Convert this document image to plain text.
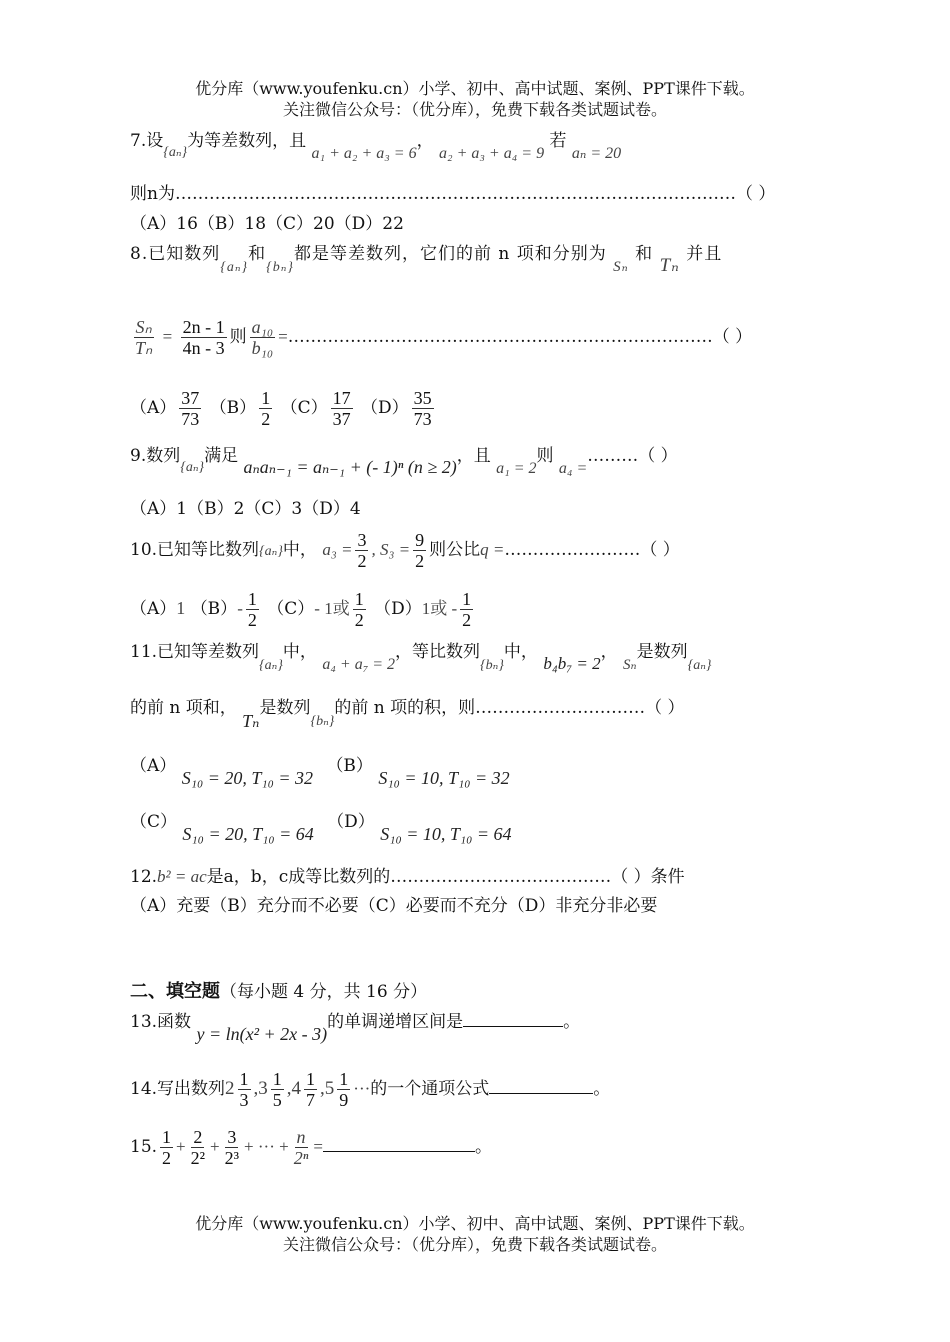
优分库（www.youfenku.cn）小学、初中、高中试题、案例、PPT课件下载。
关注微信公众号：（优分库），免费下载各类试题试卷。
7.设$_{\{a_n\}}$为等差数列，且 a₁ + a₂ + a₃ = 6， a₂ + a₃ + a₄ = 9 若 aₙ = 20
则n为………………………………………………………………………………………（ ）
（A）16（B）18（C）20（D）22
8.已知数列$_{\{a_n\}}$和$_{\{b_n\}}$都是等差数列，它们的前 n 项和分别为 Sₙ 和 Tₙ 并且
$\frac{\text{Sₙ}}{\text{Tₙ}} = \frac{2n - 1}{4n - 3}$ 则 $\frac{\text{a₁₀}}{\text{b₁₀}}$ =…………………………………………………………………（ ）
$(A) \frac{37}{73} (B) \frac{1}{2} (C) \frac{17}{37} (D) \frac{35}{73}$
9.数列$_{\{a_n\}}$满足 aₙaₙ₋₁ = aₙ₋₁ + (- 1)ⁿ (n ≥ 2)，且 a₁ = 2则 a₄ =………（ ）
（A）1（B）2（C）3（D）4
10.已知等比数列{aₙ}中， $a_3 = \frac{3}{2}$ , $S_3 = \frac{9}{2}$ 则公比q =……………………（ ）
（A）1 $(B)- \frac{1}{2} (C)-$ 1或 $\frac{1}{2} (D)1$或 - $\frac{1}{2}$
11.已知等差数列$_{\{a_n\}}$中， a₄ + a₇ = 2，等比数列$_{\{b_n\}}$中， b₄b₇ = 2， Sₙ是数列$_{\{a_n\}}$
的前 n 项和， Tₙ是数列$_{\{b_n\}}$的前 n 项的积，则…………………………（ ）
（A） S₁₀ = 20, T₁₀ = 32 （B） S₁₀ = 10, T₁₀ = 32
（C） S₁₀ = 20, T₁₀ = 64 （D） S₁₀ = 10, T₁₀ = 64
12.b² = ac是a，b，c成等比数列的…………………………………（ ）条件
（A）充要（B）充分而不必要（C）必要而不充分（D）非充分非必要
二、填空题（每小题 4 分，共 16 分）
13.函数 y = ln(x² + 2x - 3)的单调递增区间是	。
14.写出数列$2 \frac{1}{3} ,3 \frac{1}{5} ,4 \frac{1}{7} ,5 \frac{1}{9}$ ···的一个通项公式	。
15. $\frac{1}{2} + \frac{2}{\text{2²}} + \frac{3}{\text{2³}}$ + ··· + $\frac{n}{\text{2ⁿ}}$ =	。
优分库（www.youfenku.cn）小学、初中、高中试题、案例、PPT课件下载。
关注微信公众号：（优分库），免费下载各类试题试卷。
